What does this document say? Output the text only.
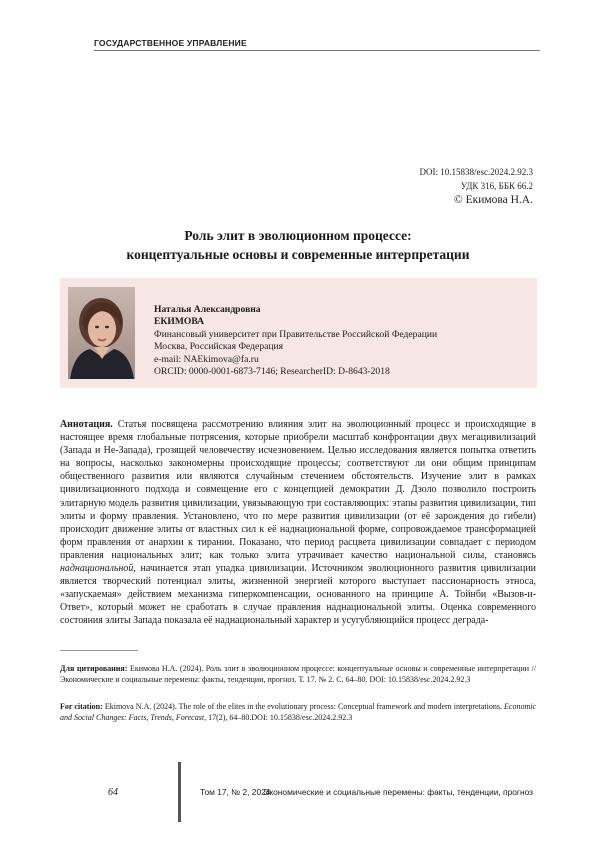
ГОСУДАРСТВЕННОЕ УПРАВЛЕНИЕ
DOI: 10.15838/esc.2024.2.92.3
УДК 316, ББК 66.2
© Екимова Н.А.
Роль элит в эволюционном процессе:
концептуальные основы и современные интерпретации
Наталья Александровна
ЕКИМОВА
Финансовый университет при Правительстве Российской Федерации
Москва, Российская Федерация
e-mail: NAEkimova@fa.ru
ORCID: 0000-0001-6873-7146; ResearcherID: D-8643-2018
Аннотация. Статья посвящена рассмотрению влияния элит на эволюционный процесс и происходящие в настоящее время глобальные потрясения, которые приобрели масштаб конфронтации двух мегацивилизаций (Запада и Не-Запада), грозящей человечеству исчезновением. Целью исследования является попытка ответить на вопросы, насколько закономерны происходящие процессы; соответствуют ли они общим принципам общественного развития или являются случайным стечением обстоятельств. Изучение элит в рамках цивилизационного подхода и совмещение его с концепцией демократии Д. Дзоло позволило построить элитарную модель развития цивилизации, увязывающую три составляющих: этапы развития цивилизации, тип элиты и форму правления. Установлено, что по мере развития цивилизации (от её зарождения до гибели) происходит движение элиты от властных сил к её наднациональной форме, сопровождаемое трансформацией форм правления от анархии к тирании. Показано, что период расцвета цивилизации совпадает с периодом правления национальных элит; как только элита утрачивает качество национальной силы, становясь наднациональной, начинается этап упадка цивилизации. Источником эволюционного развития цивилизации является творческий потенциал элиты, жизненной энергией которого выступает пассионарность этноса, «запускаемая» действием механизма гиперкомпенсации, основанного на принципе А. Тойнби «Вызов-и-Ответ», который может не сработать в случае правления наднациональной элиты. Оценка современного состояния элиты Запада показала её наднациональный характер и усугубляющийся процесс деграда-
Для цитирования: Екимова Н.А. (2024). Роль элит в эволюционном процессе: концептуальные основы и современные интерпретации // Экономические и социальные перемены: факты, тенденции, прогноз. Т. 17. № 2. С. 64–80. DOI: 10.15838/esc.2024.2.92.3
For citation: Ekimova N.A. (2024). The role of the elites in the evolutionary process: Conceptual framework and modern interpretations. Economic and Social Changes: Facts, Trends, Forecast, 17(2), 64–80.DOI: 10.15838/esc.2024.2.92.3
64	Том 17, № 2, 2024
Экономические и социальные перемены: факты, тенденции, прогноз
